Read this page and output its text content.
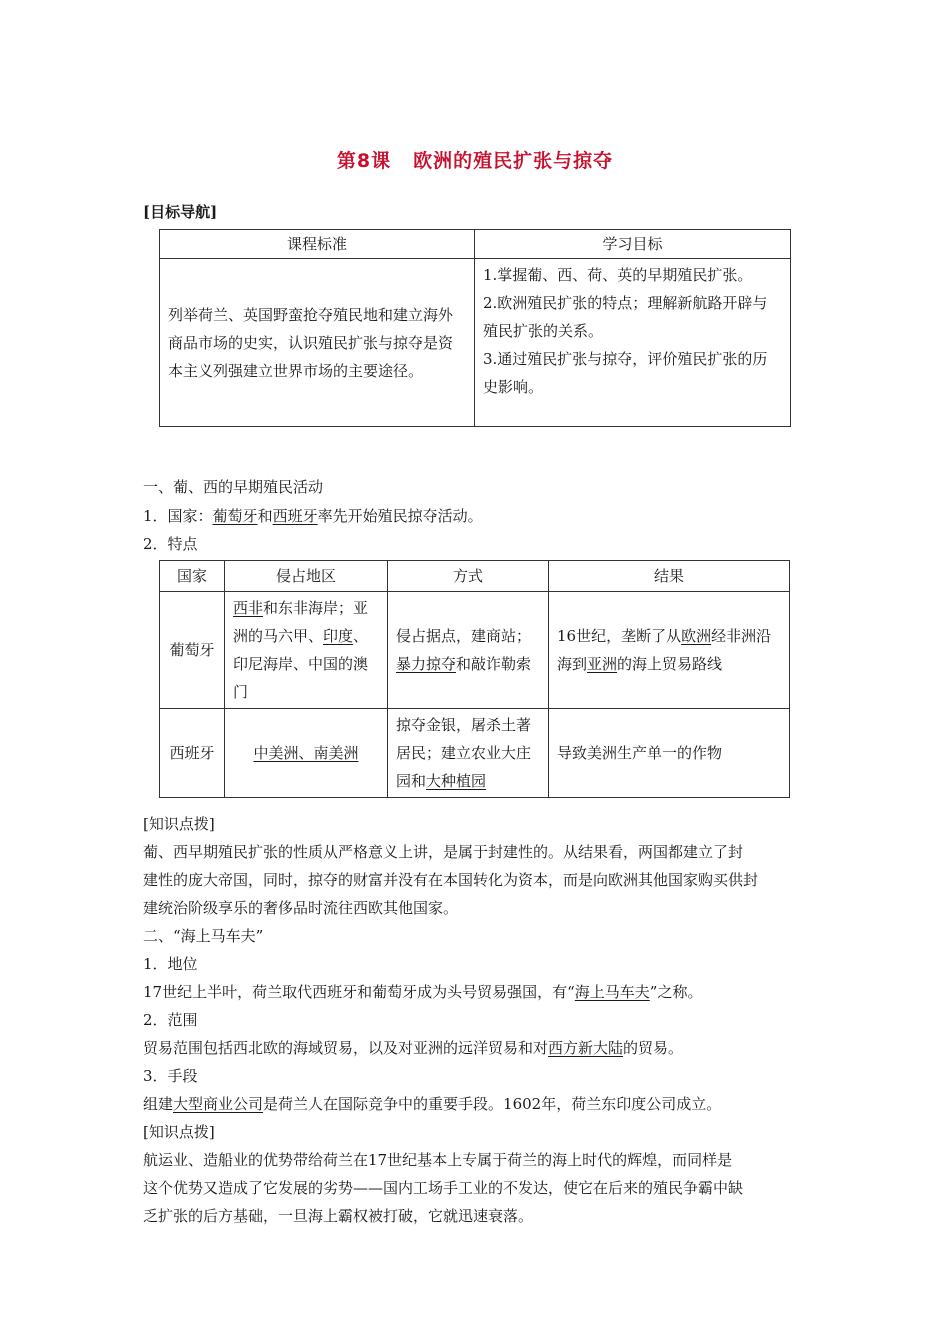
第8课 欧洲的殖民扩张与掠夺
[目标导航]
课程标准	学习目标
列举荷兰、英国野蛮抢夺殖民地和建立海外商品市场的史实，认识殖民扩张与掠夺是资本主义列强建立世界市场的主要途径。	1.掌握葡、西、荷、英的早期殖民扩张。
2.欧洲殖民扩张的特点；理解新航路开辟与殖民扩张的关系。
3.通过殖民扩张与掠夺，评价殖民扩张的历史影响。
一、葡、西的早期殖民活动
1．国家：葡萄牙和西班牙率先开始殖民掠夺活动。
2．特点
国家	侵占地区	方式	结果
葡萄牙	西非和东非海岸；亚洲的马六甲、印度、印尼海岸、中国的澳门	侵占据点，建商站；暴力掠夺和敲诈勒索	16世纪，垄断了从欧洲经非洲沿海到亚洲的海上贸易路线
西班牙	中美洲、南美洲	掠夺金银，屠杀土著居民；建立农业大庄园和大种植园	导致美洲生产单一的作物
[知识点拨]
葡、西早期殖民扩张的性质从严格意义上讲，是属于封建性的。从结果看，两国都建立了封
建性的庞大帝国，同时，掠夺的财富并没有在本国转化为资本，而是向欧洲其他国家购买供封
建统治阶级享乐的奢侈品时流往西欧其他国家。
二、“海上马车夫”
1．地位
17世纪上半叶，荷兰取代西班牙和葡萄牙成为头号贸易强国，有“海上马车夫”之称。
2．范围
贸易范围包括西北欧的海域贸易，以及对亚洲的远洋贸易和对西方新大陆的贸易。
3．手段
组建大型商业公司是荷兰人在国际竞争中的重要手段。1602年，荷兰东印度公司成立。
[知识点拨]
航运业、造船业的优势带给荷兰在17世纪基本上专属于荷兰的海上时代的辉煌，而同样是
这个优势又造成了它发展的劣势——国内工场手工业的不发达，使它在后来的殖民争霸中缺
乏扩张的后方基础，一旦海上霸权被打破，它就迅速衰落。
